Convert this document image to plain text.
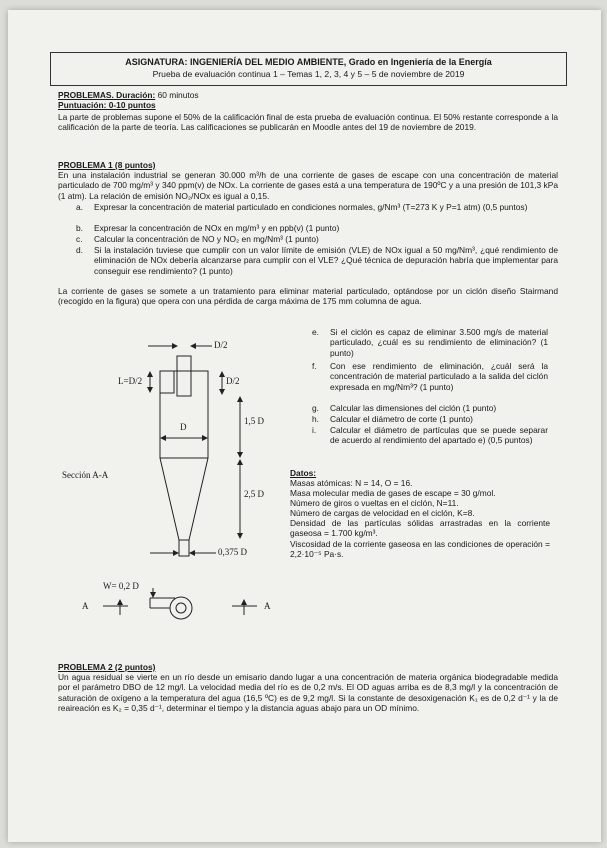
ASIGNATURA: INGENIERÍA DEL MEDIO AMBIENTE, Grado en Ingeniería de la Energía
Prueba de evaluación continua 1 – Temas 1, 2, 3, 4 y 5 – 5 de noviembre de 2019
PROBLEMAS. Duración: 60 minutos
Puntuación: 0-10 puntos
La parte de problemas supone el 50% de la calificación final de esta prueba de evaluación continua. El 50% restante corresponde a la calificación de la parte de teoría. Las calificaciones se publicarán en Moodle antes del 19 de noviembre de 2019.
PROBLEMA 1 (8 puntos)
En una instalación industrial se generan 30.000 m³/h de una corriente de gases de escape con una concentración de material particulado de 700 mg/m³ y 340 ppm(v) de NOx. La corriente de gases está a una temperatura de 190ºC y a una presión de 101,3 kPa (1 atm). La relación de emisión NO₂/NOx es igual a 0,15.
a. Expresar la concentración de material particulado en condiciones normales, g/Nm³ (T=273 K y P=1 atm) (0,5 puntos)
b. Expresar la concentración de NOx en mg/m³ y en ppb(v) (1 punto)
c. Calcular la concentración de NO y NO₂ en mg/Nm³ (1 punto)
d. Si la instalación tuviese que cumplir con un valor límite de emisión (VLE) de NOx igual a 50 mg/Nm³, ¿qué rendimiento de eliminación de NOx debería alcanzarse para cumplir con el VLE? ¿Qué técnica de depuración habría que implementar para conseguir ese rendimiento? (1 punto)
La corriente de gases se somete a un tratamiento para eliminar material particulado, optándose por un ciclón diseño Stairmand (recogido en la figura) que opera con una pérdida de carga máxima de 175 mm columna de agua.
e. Si el ciclón es capaz de eliminar 3.500 mg/s de material particulado, ¿cuál es su rendimiento de eliminación? (1 punto)
f. Con ese rendimiento de eliminación, ¿cuál será la concentración de material particulado a la salida del ciclón expresada en mg/Nm³? (1 punto)
g. Calcular las dimensiones del ciclón (1 punto)
h. Calcular el diámetro de corte (1 punto)
i. Calcular el diámetro de partículas que se puede separar de acuerdo al rendimiento del apartado e) (0,5 puntos)
Datos:
Masas atómicas: N = 14, O = 16.
Masa molecular media de gases de escape = 30 g/mol.
Número de giros o vueltas en el ciclón, N=11.
Número de cargas de velocidad en el ciclón, K=8.
Densidad de las partículas sólidas arrastradas en la corriente gaseosa = 1.700 kg/m³.
Viscosidad de la corriente gaseosa en las condiciones de operación = 2,2·10⁻⁵ Pa·s.
D/2
L=D/2	D/2
D
1,5 D
2,5 D
0,375 D
Sección A-A
W= 0,2 D
A	A
PROBLEMA 2 (2 puntos)
Un agua residual se vierte en un río desde un emisario dando lugar a una concentración de materia orgánica biodegradable medida por el parámetro DBO de 12 mg/l. La velocidad media del río es de 0,2 m/s. El OD aguas arriba es de 8,3 mg/l y la concentración de saturación de oxígeno a la temperatura del agua (16,5 ºC) es de 9,2 mg/l. Si la constante de desoxigenación K₁ es de 0,2 d⁻¹ y la de reaireación es K₂ = 0,35 d⁻¹, determinar el tiempo y la distancia aguas abajo para un OD mínimo.
